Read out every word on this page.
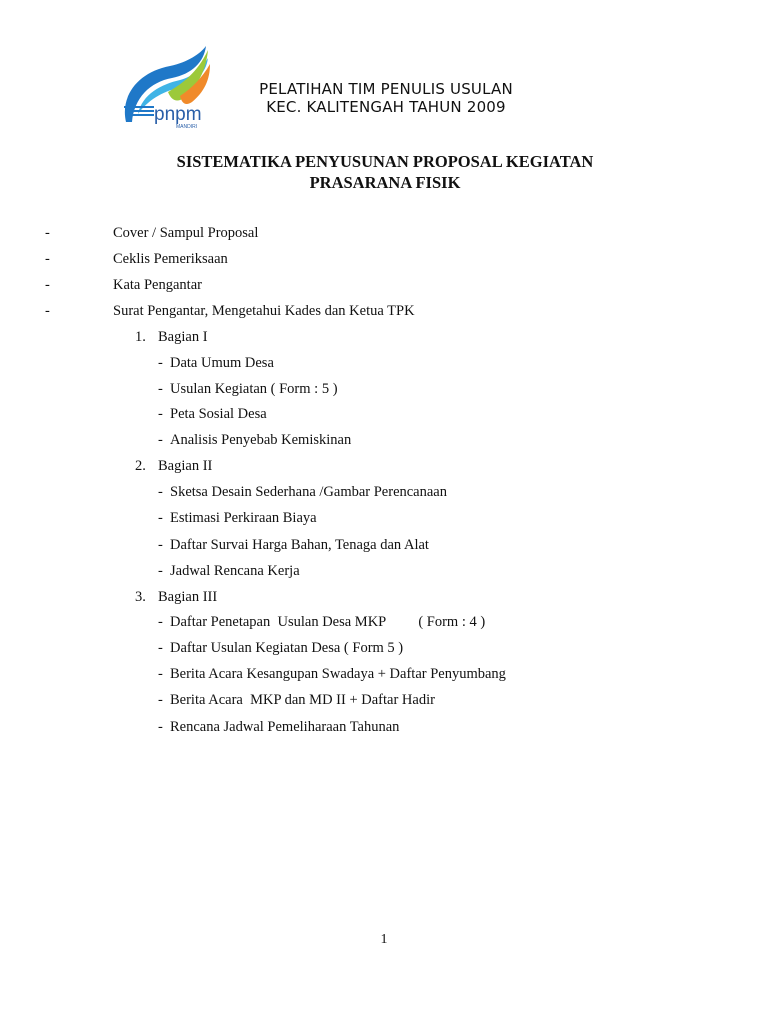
pnpm
MANDIRI
PELATIHAN TIM PENULIS USULAN
KEC. KALITENGAH TAHUN 2009
SISTEMATIKA PENYUSUNAN PROPOSAL KEGIATAN
PRASARANA FISIK
-	Cover / Sampul Proposal
-	Ceklis Pemeriksaan
-	Kata Pengantar
-	Surat Pengantar, Mengetahui Kades dan Ketua TPK
1. Bagian I
- Data Umum Desa
- Usulan Kegiatan ( Form : 5 )
- Peta Sosial Desa
- Analisis Penyebab Kemiskinan
2. Bagian II
- Sketsa Desain Sederhana /Gambar Perencanaan
- Estimasi Perkiraan Biaya
- Daftar Survai Harga Bahan, Tenaga dan Alat
- Jadwal Rencana Kerja
3. Bagian III
- Daftar Penetapan  Usulan Desa MKP         ( Form : 4 )
- Daftar Usulan Kegiatan Desa ( Form 5 )
- Berita Acara Kesangupan Swadaya + Daftar Penyumbang
- Berita Acara  MKP dan MD II + Daftar Hadir
- Rencana Jadwal Pemeliharaan Tahunan
1
